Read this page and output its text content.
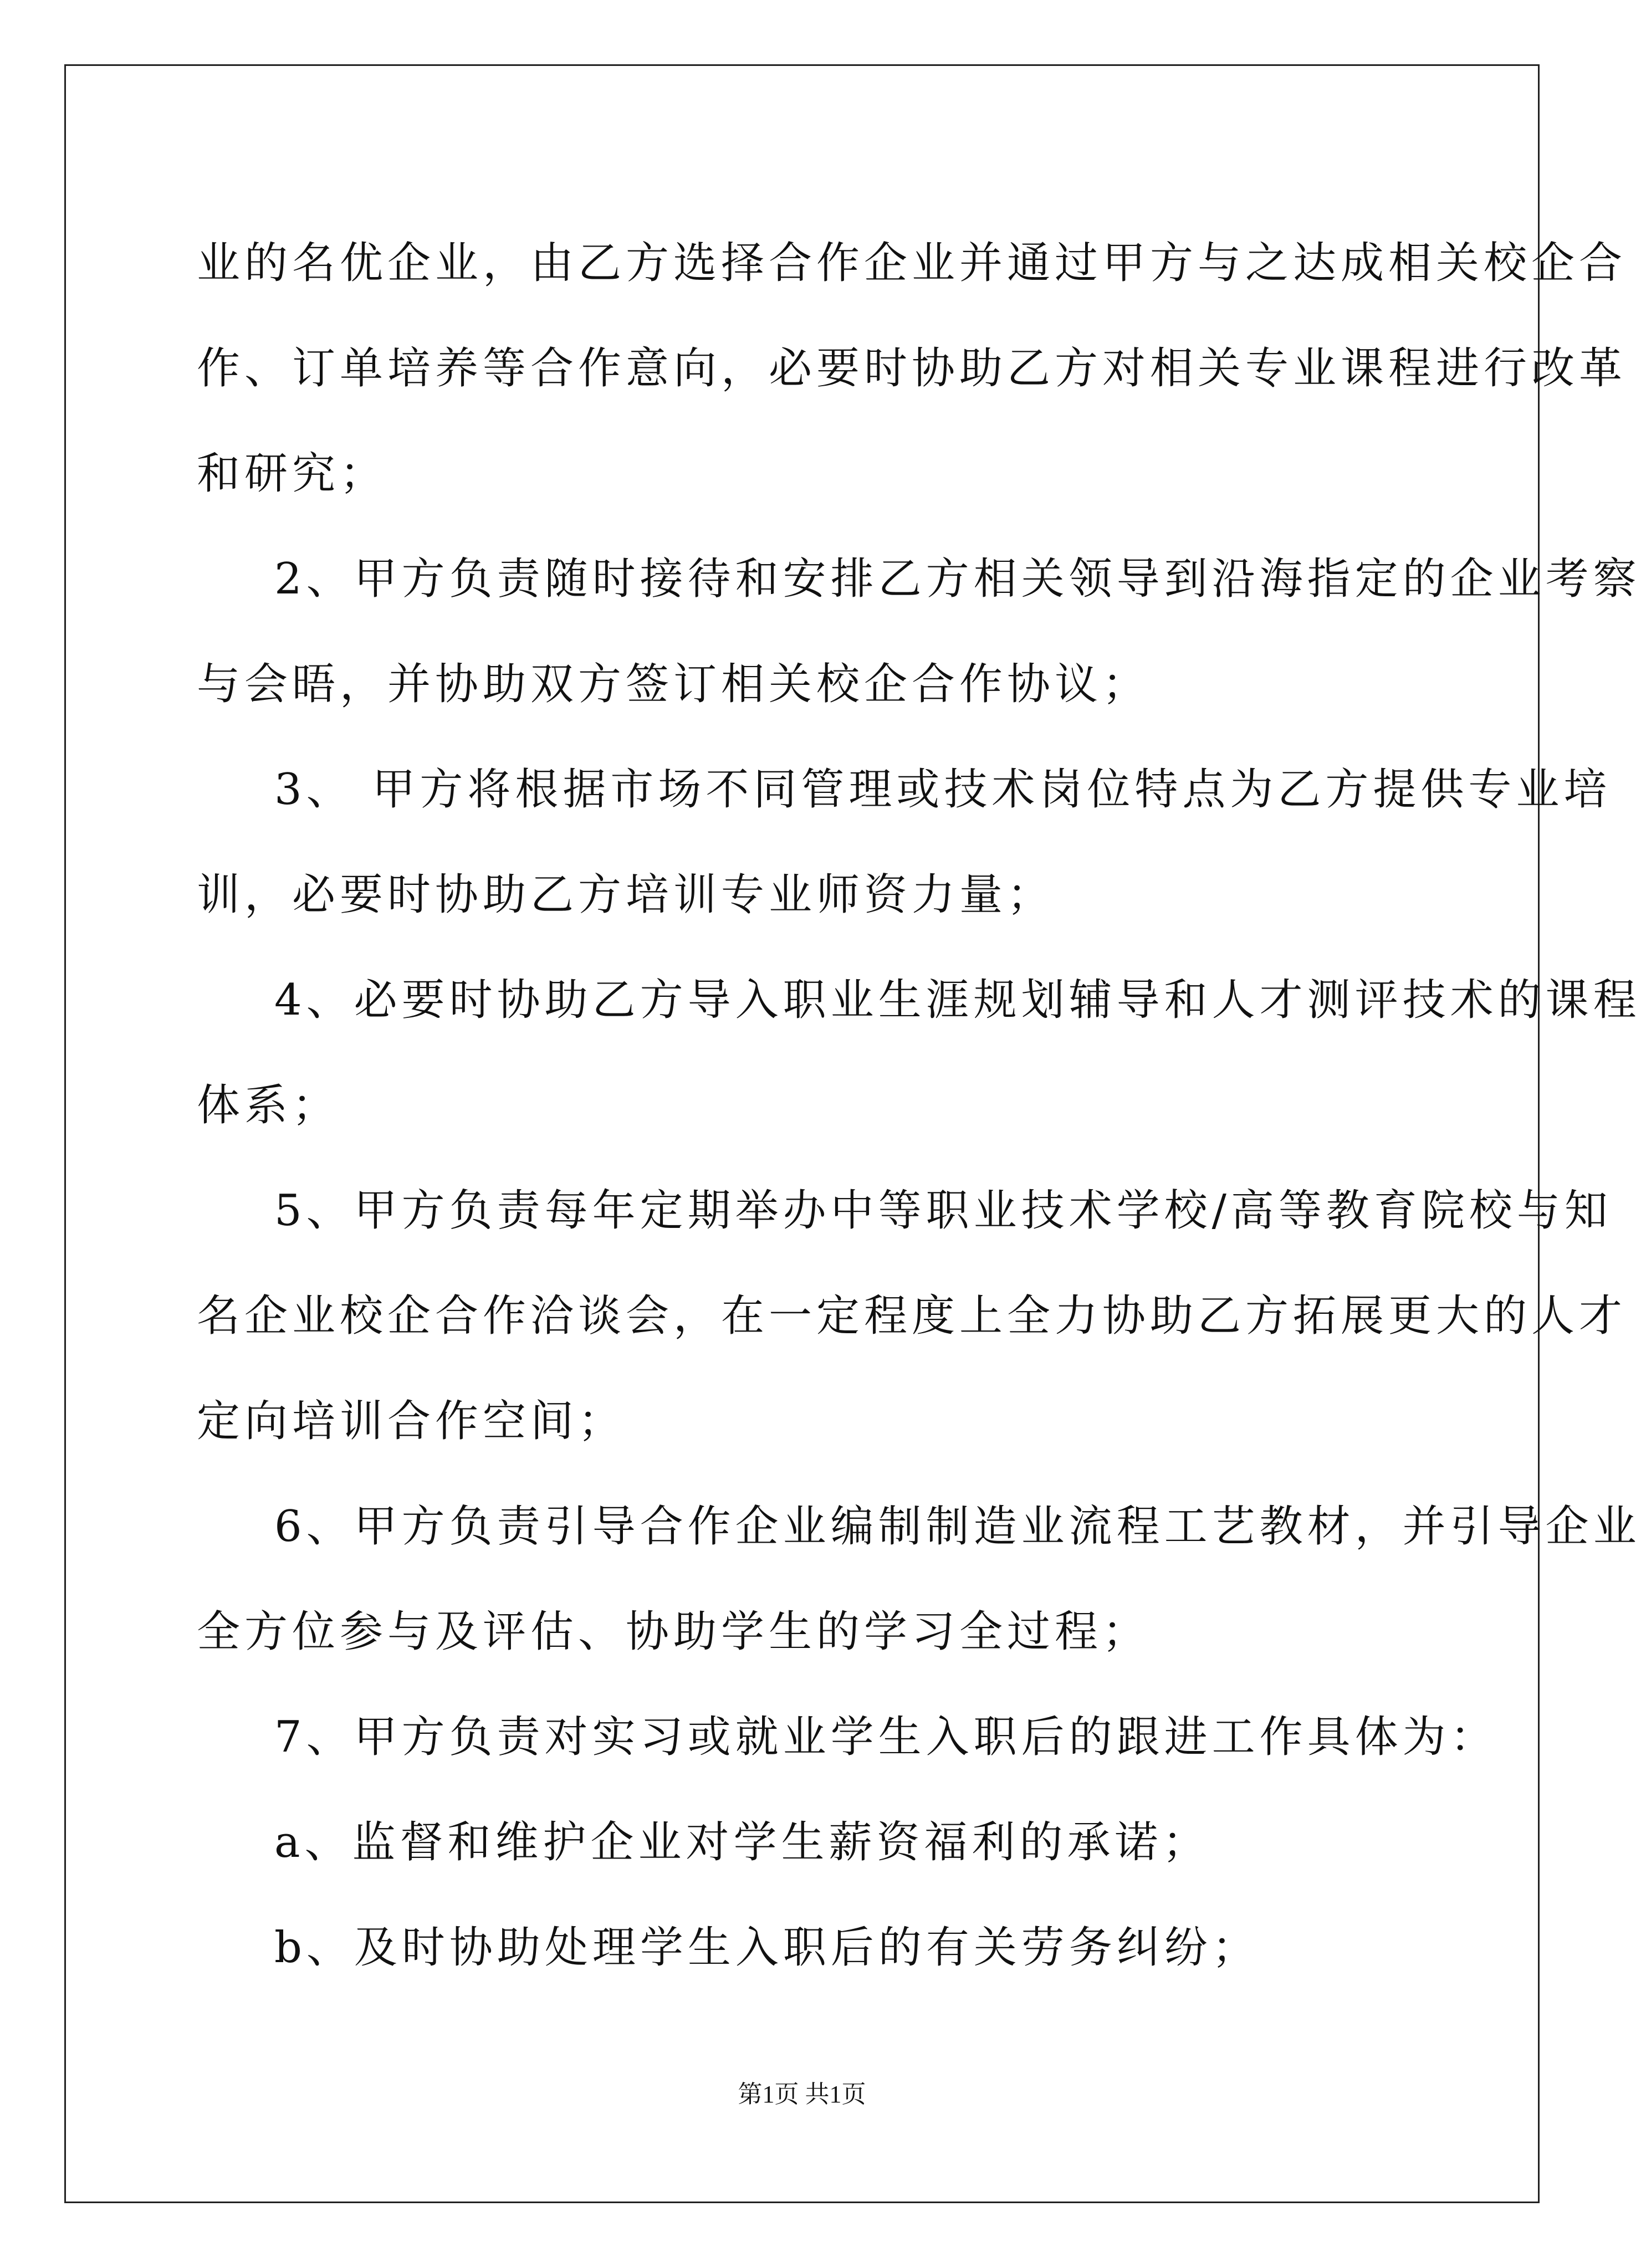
业的名优企业，由乙方选择合作企业并通过甲方与之达成相关校企合
作、订单培养等合作意向，必要时协助乙方对相关专业课程进行改革
和研究；
2、甲方负责随时接待和安排乙方相关领导到沿海指定的企业考察
与会晤，并协助双方签订相关校企合作协议；
3、 甲方将根据市场不同管理或技术岗位特点为乙方提供专业培
训，必要时协助乙方培训专业师资力量；
4、必要时协助乙方导入职业生涯规划辅导和人才测评技术的课程
体系；
5、甲方负责每年定期举办中等职业技术学校/高等教育院校与知
名企业校企合作洽谈会，在一定程度上全力协助乙方拓展更大的人才
定向培训合作空间；
6、甲方负责引导合作企业编制制造业流程工艺教材，并引导企业
全方位参与及评估、协助学生的学习全过程；
7、甲方负责对实习或就业学生入职后的跟进工作具体为：
a、监督和维护企业对学生薪资福利的承诺；
b、及时协助处理学生入职后的有关劳务纠纷；
第1页 共1页
